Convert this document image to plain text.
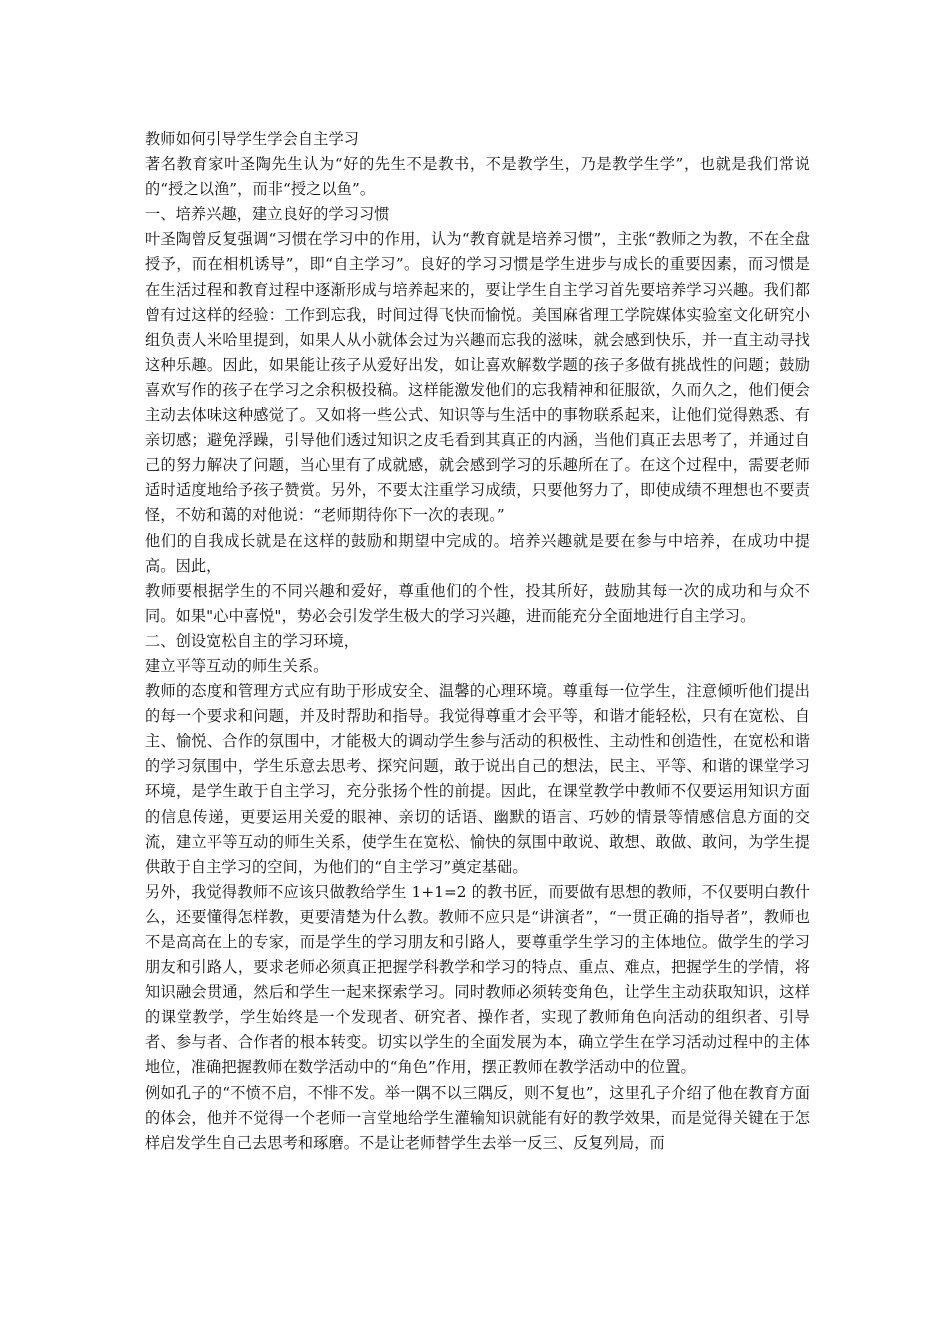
教师如何引导学生学会自主学习

著名教育家叶圣陶先生认为“好的先生不是教书，不是教学生，乃是教学生学”，也就是我们常说的“授之以渔”，而非“授之以鱼”。

一、培养兴趣，建立良好的学习习惯

叶圣陶曾反复强调“习惯在学习中的作用，认为“教育就是培养习惯”，主张“教师之为教，不在全盘授予，而在相机诱导”，即“自主学习”。良好的学习习惯是学生进步与成长的重要因素，而习惯是在生活过程和教育过程中逐渐形成与培养起来的，要让学生自主学习首先要培养学习兴趣。我们都曾有过这样的经验：工作到忘我，时间过得飞快而愉悦。美国麻省理工学院媒体实验室文化研究小组负责人米哈里提到，如果人从小就体会过为兴趣而忘我的滋味，就会感到快乐，并一直主动寻找这种乐趣。因此，如果能让孩子从爱好出发，如让喜欢解数学题的孩子多做有挑战性的问题；鼓励喜欢写作的孩子在学习之余积极投稿。这样能激发他们的忘我精神和征服欲，久而久之，他们便会主动去体味这种感觉了。又如将一些公式、知识等与生活中的事物联系起来，让他们觉得熟悉、有亲切感；避免浮躁，引导他们透过知识之皮毛看到其真正的内涵，当他们真正去思考了，并通过自己的努力解决了问题，当心里有了成就感，就会感到学习的乐趣所在了。在这个过程中，需要老师适时适度地给予孩子赞赏。另外，不要太注重学习成绩，只要他努力了，即使成绩不理想也不要责怪，不妨和蔼的对他说：“老师期待你下一次的表现。”

他们的自我成长就是在这样的鼓励和期望中完成的。培养兴趣就是要在参与中培养，在成功中提高。因此，

教师要根据学生的不同兴趣和爱好，尊重他们的个性，投其所好，鼓励其每一次的成功和与众不同。如果"心中喜悦"，势必会引发学生极大的学习兴趣，进而能充分全面地进行自主学习。

二、创设宽松自主的学习环境，

建立平等互动的师生关系。

教师的态度和管理方式应有助于形成安全、温馨的心理环境。尊重每一位学生，注意倾听他们提出的每一个要求和问题，并及时帮助和指导。我觉得尊重才会平等，和谐才能轻松，只有在宽松、自主、愉悦、合作的氛围中，才能极大的调动学生参与活动的积极性、主动性和创造性，在宽松和谐的学习氛围中，学生乐意去思考、探究问题，敢于说出自己的想法，民主、平等、和谐的课堂学习环境，是学生敢于自主学习，充分张扬个性的前提。因此，在课堂教学中教师不仅要运用知识方面的信息传递，更要运用关爱的眼神、亲切的话语、幽默的语言、巧妙的情景等情感信息方面的交流，建立平等互动的师生关系，使学生在宽松、愉快的氛围中敢说、敢想、敢做、敢问，为学生提供敢于自主学习的空间，为他们的“自主学习”奠定基础。

另外，我觉得教师不应该只做教给学生 1+1=2 的教书匠，而要做有思想的教师，不仅要明白教什么，还要懂得怎样教，更要清楚为什么教。教师不应只是“讲演者”，“一贯正确的指导者”，教师也不是高高在上的专家，而是学生的学习朋友和引路人，要尊重学生学习的主体地位。做学生的学习朋友和引路人，要求老师必须真正把握学科教学和学习的特点、重点、难点，把握学生的学情，将知识融会贯通，然后和学生一起来探索学习。同时教师必须转变角色，让学生主动获取知识，这样的课堂教学，学生始终是一个发现者、研究者、操作者，实现了教师角色向活动的组织者、引导者、参与者、合作者的根本转变。切实以学生的全面发展为本，确立学生在学习活动过程中的主体地位，准确把握教师在数学活动中的“角色”作用，摆正教师在教学活动中的位置。

例如孔子的“不愤不启，不悱不发。举一隅不以三隅反，则不复也”，这里孔子介绍了他在教育方面的体会，他并不觉得一个老师一言堂地给学生灌输知识就能有好的教学效果，而是觉得关键在于怎样启发学生自己去思考和琢磨。不是让老师替学生去举一反三、反复列局，而
